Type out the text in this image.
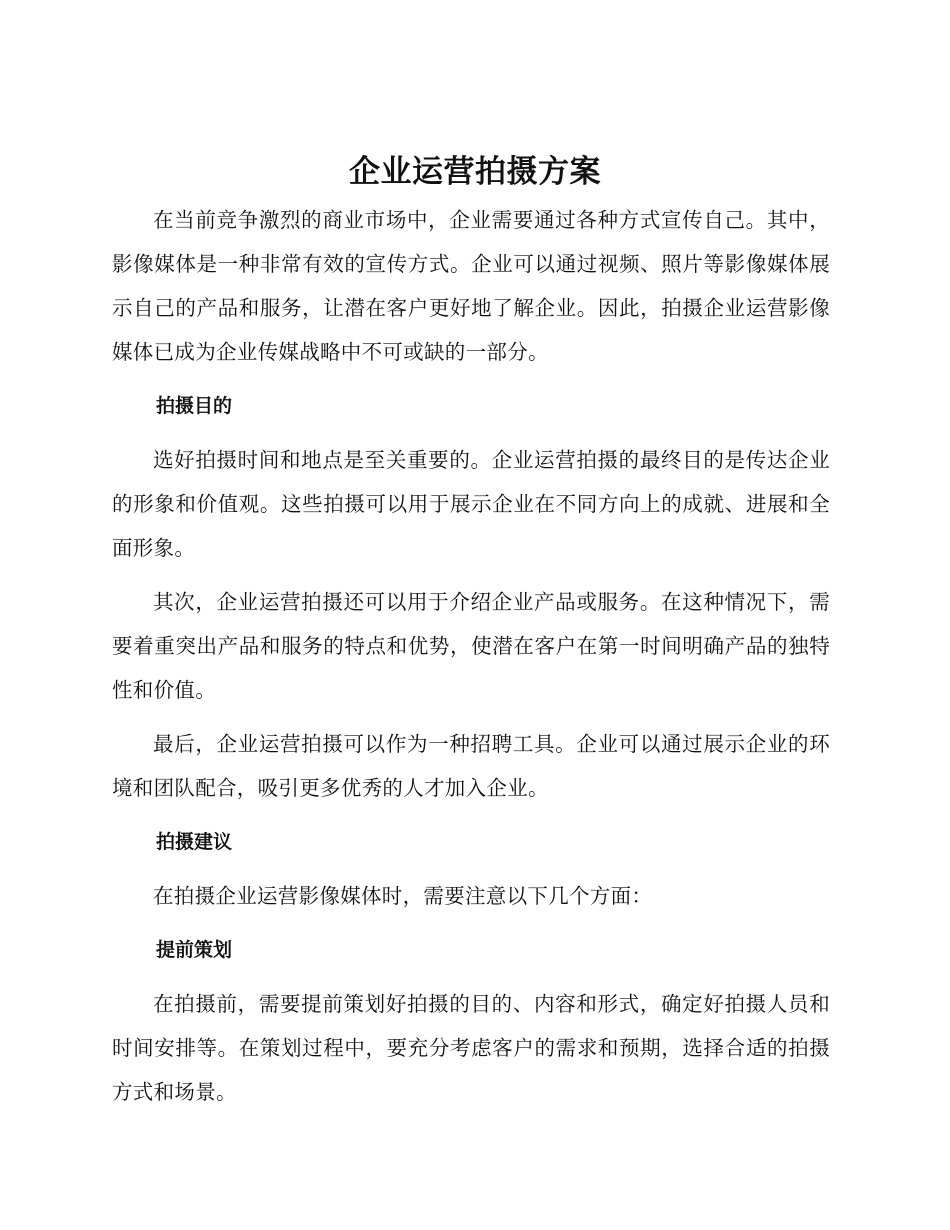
企业运营拍摄方案

在当前竞争激烈的商业市场中，企业需要通过各种方式宣传自己。其中，影像媒体是一种非常有效的宣传方式。企业可以通过视频、照片等影像媒体展示自己的产品和服务，让潜在客户更好地了解企业。因此，拍摄企业运营影像媒体已成为企业传媒战略中不可或缺的一部分。

拍摄目的

选好拍摄时间和地点是至关重要的。企业运营拍摄的最终目的是传达企业的形象和价值观。这些拍摄可以用于展示企业在不同方向上的成就、进展和全面形象。

其次，企业运营拍摄还可以用于介绍企业产品或服务。在这种情况下，需要着重突出产品和服务的特点和优势，使潜在客户在第一时间明确产品的独特性和价值。

最后，企业运营拍摄可以作为一种招聘工具。企业可以通过展示企业的环境和团队配合，吸引更多优秀的人才加入企业。

拍摄建议

在拍摄企业运营影像媒体时，需要注意以下几个方面：

提前策划

在拍摄前，需要提前策划好拍摄的目的、内容和形式，确定好拍摄人员和时间安排等。在策划过程中，要充分考虑客户的需求和预期，选择合适的拍摄方式和场景。
